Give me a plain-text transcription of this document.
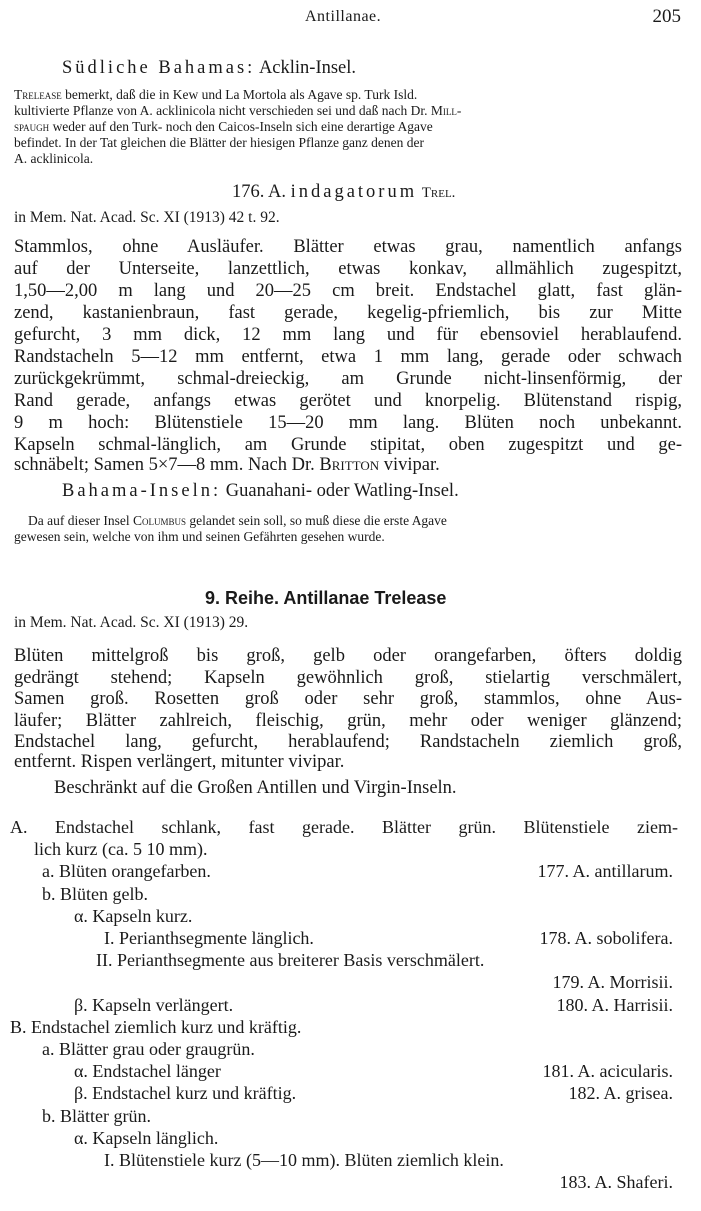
Antillanae.	205
Südliche Bahamas: Acklin-Insel.
Trelease bemerkt, daß die in Kew und La Mortola als Agave sp. Turk Isld.
kultivierte Pflanze von A. acklinicola nicht verschieden sei und daß nach Dr. Mill-
spaugh weder auf den Turk- noch den Caicos-Inseln sich eine derartige Agave
befindet. In der Tat gleichen die Blätter der hiesigen Pflanze ganz denen der
A. acklinicola.
176. A. indagatorum Trel.
in Mem. Nat. Acad. Sc. XI (1913) 42 t. 92.
Stammlos, ohne Ausläufer. Blätter etwas grau, namentlich anfangs
auf der Unterseite, lanzettlich, etwas konkav, allmählich zugespitzt,
1,50—2,00 m lang und 20—25 cm breit. Endstachel glatt, fast glän-
zend, kastanienbraun, fast gerade, kegelig-pfriemlich, bis zur Mitte
gefurcht, 3 mm dick, 12 mm lang und für ebensoviel herablaufend.
Randstacheln 5—12 mm entfernt, etwa 1 mm lang, gerade oder schwach
zurückgekrümmt, schmal-dreieckig, am Grunde nicht-linsenförmig, der
Rand gerade, anfangs etwas gerötet und knorpelig. Blütenstand rispig,
9 m hoch: Blütenstiele 15—20 mm lang. Blüten noch unbekannt.
Kapseln schmal-länglich, am Grunde stipitat, oben zugespitzt und ge-
schnäbelt; Samen 5×7—8 mm. Nach Dr. Britton vivipar.
Bahama-Inseln: Guanahani- oder Watling-Insel.
Da auf dieser Insel Columbus gelandet sein soll, so muß diese die erste Agave
gewesen sein, welche von ihm und seinen Gefährten gesehen wurde.
9. Reihe. Antillanae Trelease
in Mem. Nat. Acad. Sc. XI (1913) 29.
Blüten mittelgroß bis groß, gelb oder orangefarben, öfters doldig
gedrängt stehend; Kapseln gewöhnlich groß, stielartig verschmälert,
Samen groß. Rosetten groß oder sehr groß, stammlos, ohne Aus-
läufer; Blätter zahlreich, fleischig, grün, mehr oder weniger glänzend;
Endstachel lang, gefurcht, herablaufend; Randstacheln ziemlich groß,
entfernt. Rispen verlängert, mitunter vivipar.
Beschränkt auf die Großen Antillen und Virgin-Inseln.
A. Endstachel schlank, fast gerade. Blätter grün. Blütenstiele ziem-
lich kurz (ca. 5 10 mm).
a. Blüten orangefarben.	177. A. antillarum.
b. Blüten gelb.
α. Kapseln kurz.
I. Perianthsegmente länglich.	178. A. sobolifera.
II. Perianthsegmente aus breiterer Basis verschmälert.
179. A. Morrisii.
β. Kapseln verlängert.	180. A. Harrisii.
B. Endstachel ziemlich kurz und kräftig.
a. Blätter grau oder graugrün.
α. Endstachel länger	181. A. acicularis.
β. Endstachel kurz und kräftig.	182. A. grisea.
b. Blätter grün.
α. Kapseln länglich.
I. Blütenstiele kurz (5—10 mm). Blüten ziemlich klein.
183. A. Shaferi.
